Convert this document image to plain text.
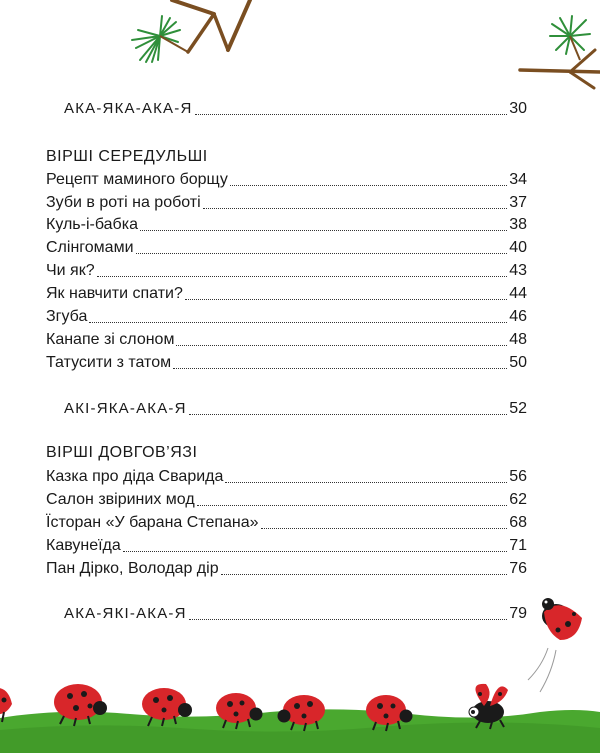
АКА-ЯКА-АКА-Я	30
ВІРШІ СЕРЕДУЛЬШІ
Рецепт маминого борщу	34
Зуби в роті на роботі	37
Куль-і-бабка	38
Слінгомами	40
Чи як?	43
Як навчити спати?	44
Згуба	46
Канапе зі слоном	48
Татусити з татом	50
АКІ-ЯКА-АКА-Я	52
ВІРШІ ДОВГОВ’ЯЗІ
Казка про діда Сварида	56
Салон звіриних мод	62
Їсторан «У барана Степана»	68
Кавунеїда	71
Пан Дірко, Володар дір	76
АКА-ЯКІ-АКА-Я	79
